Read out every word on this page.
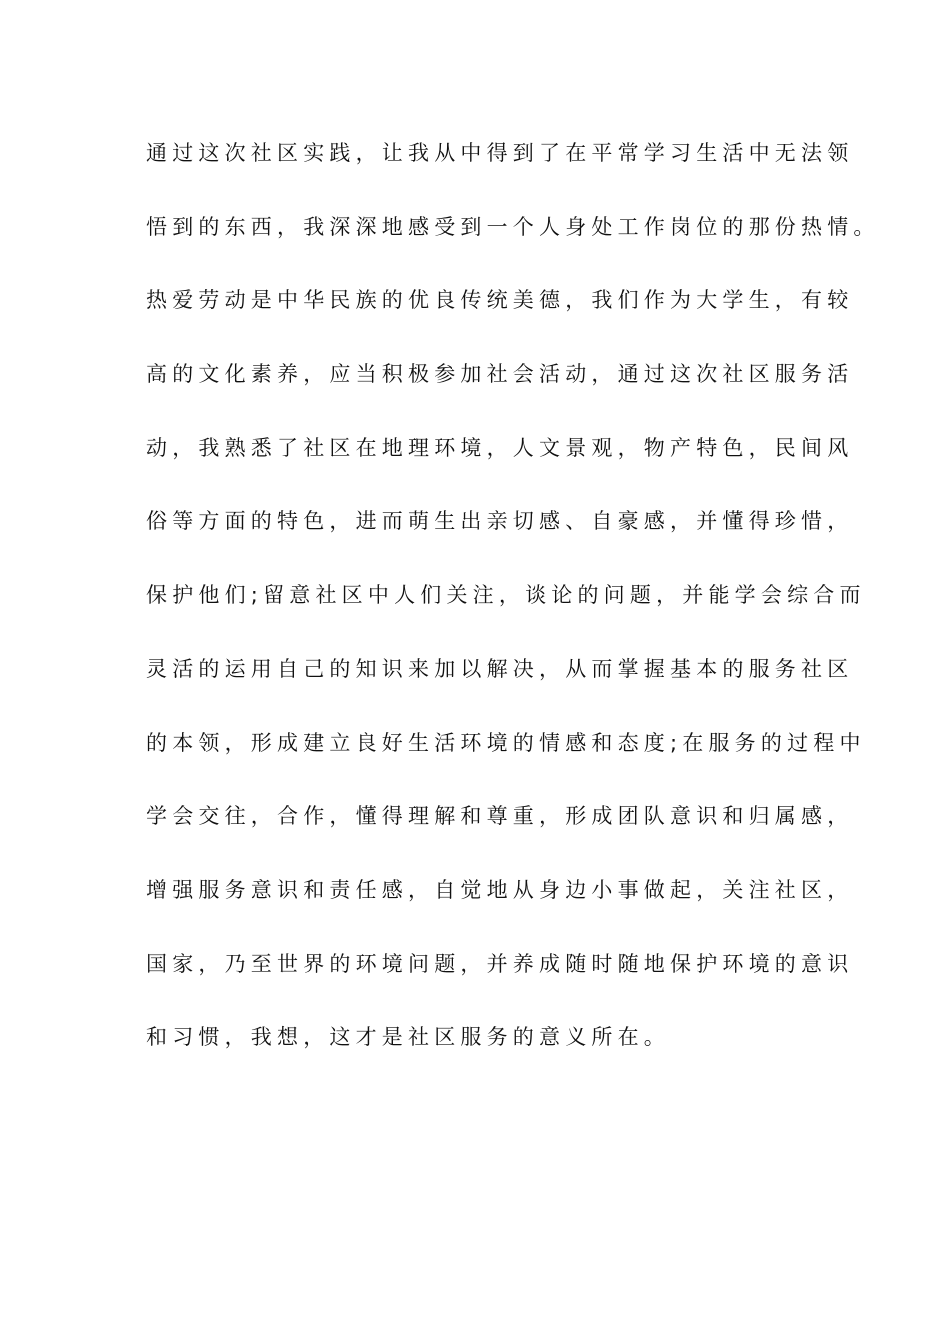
通过这次社区实践，让我从中得到了在平常学习生活中无法领
悟到的东西，我深深地感受到一个人身处工作岗位的那份热情。
热爱劳动是中华民族的优良传统美德，我们作为大学生，有较
高的文化素养，应当积极参加社会活动，通过这次社区服务活
动，我熟悉了社区在地理环境，人文景观，物产特色，民间风
俗等方面的特色，进而萌生出亲切感、自豪感，并懂得珍惜，
保护他们;留意社区中人们关注，谈论的问题，并能学会综合而
灵活的运用自己的知识来加以解决，从而掌握基本的服务社区
的本领，形成建立良好生活环境的情感和态度;在服务的过程中
学会交往，合作，懂得理解和尊重，形成团队意识和归属感，
增强服务意识和责任感，自觉地从身边小事做起，关注社区，
国家，乃至世界的环境问题，并养成随时随地保护环境的意识
和习惯，我想，这才是社区服务的意义所在。
